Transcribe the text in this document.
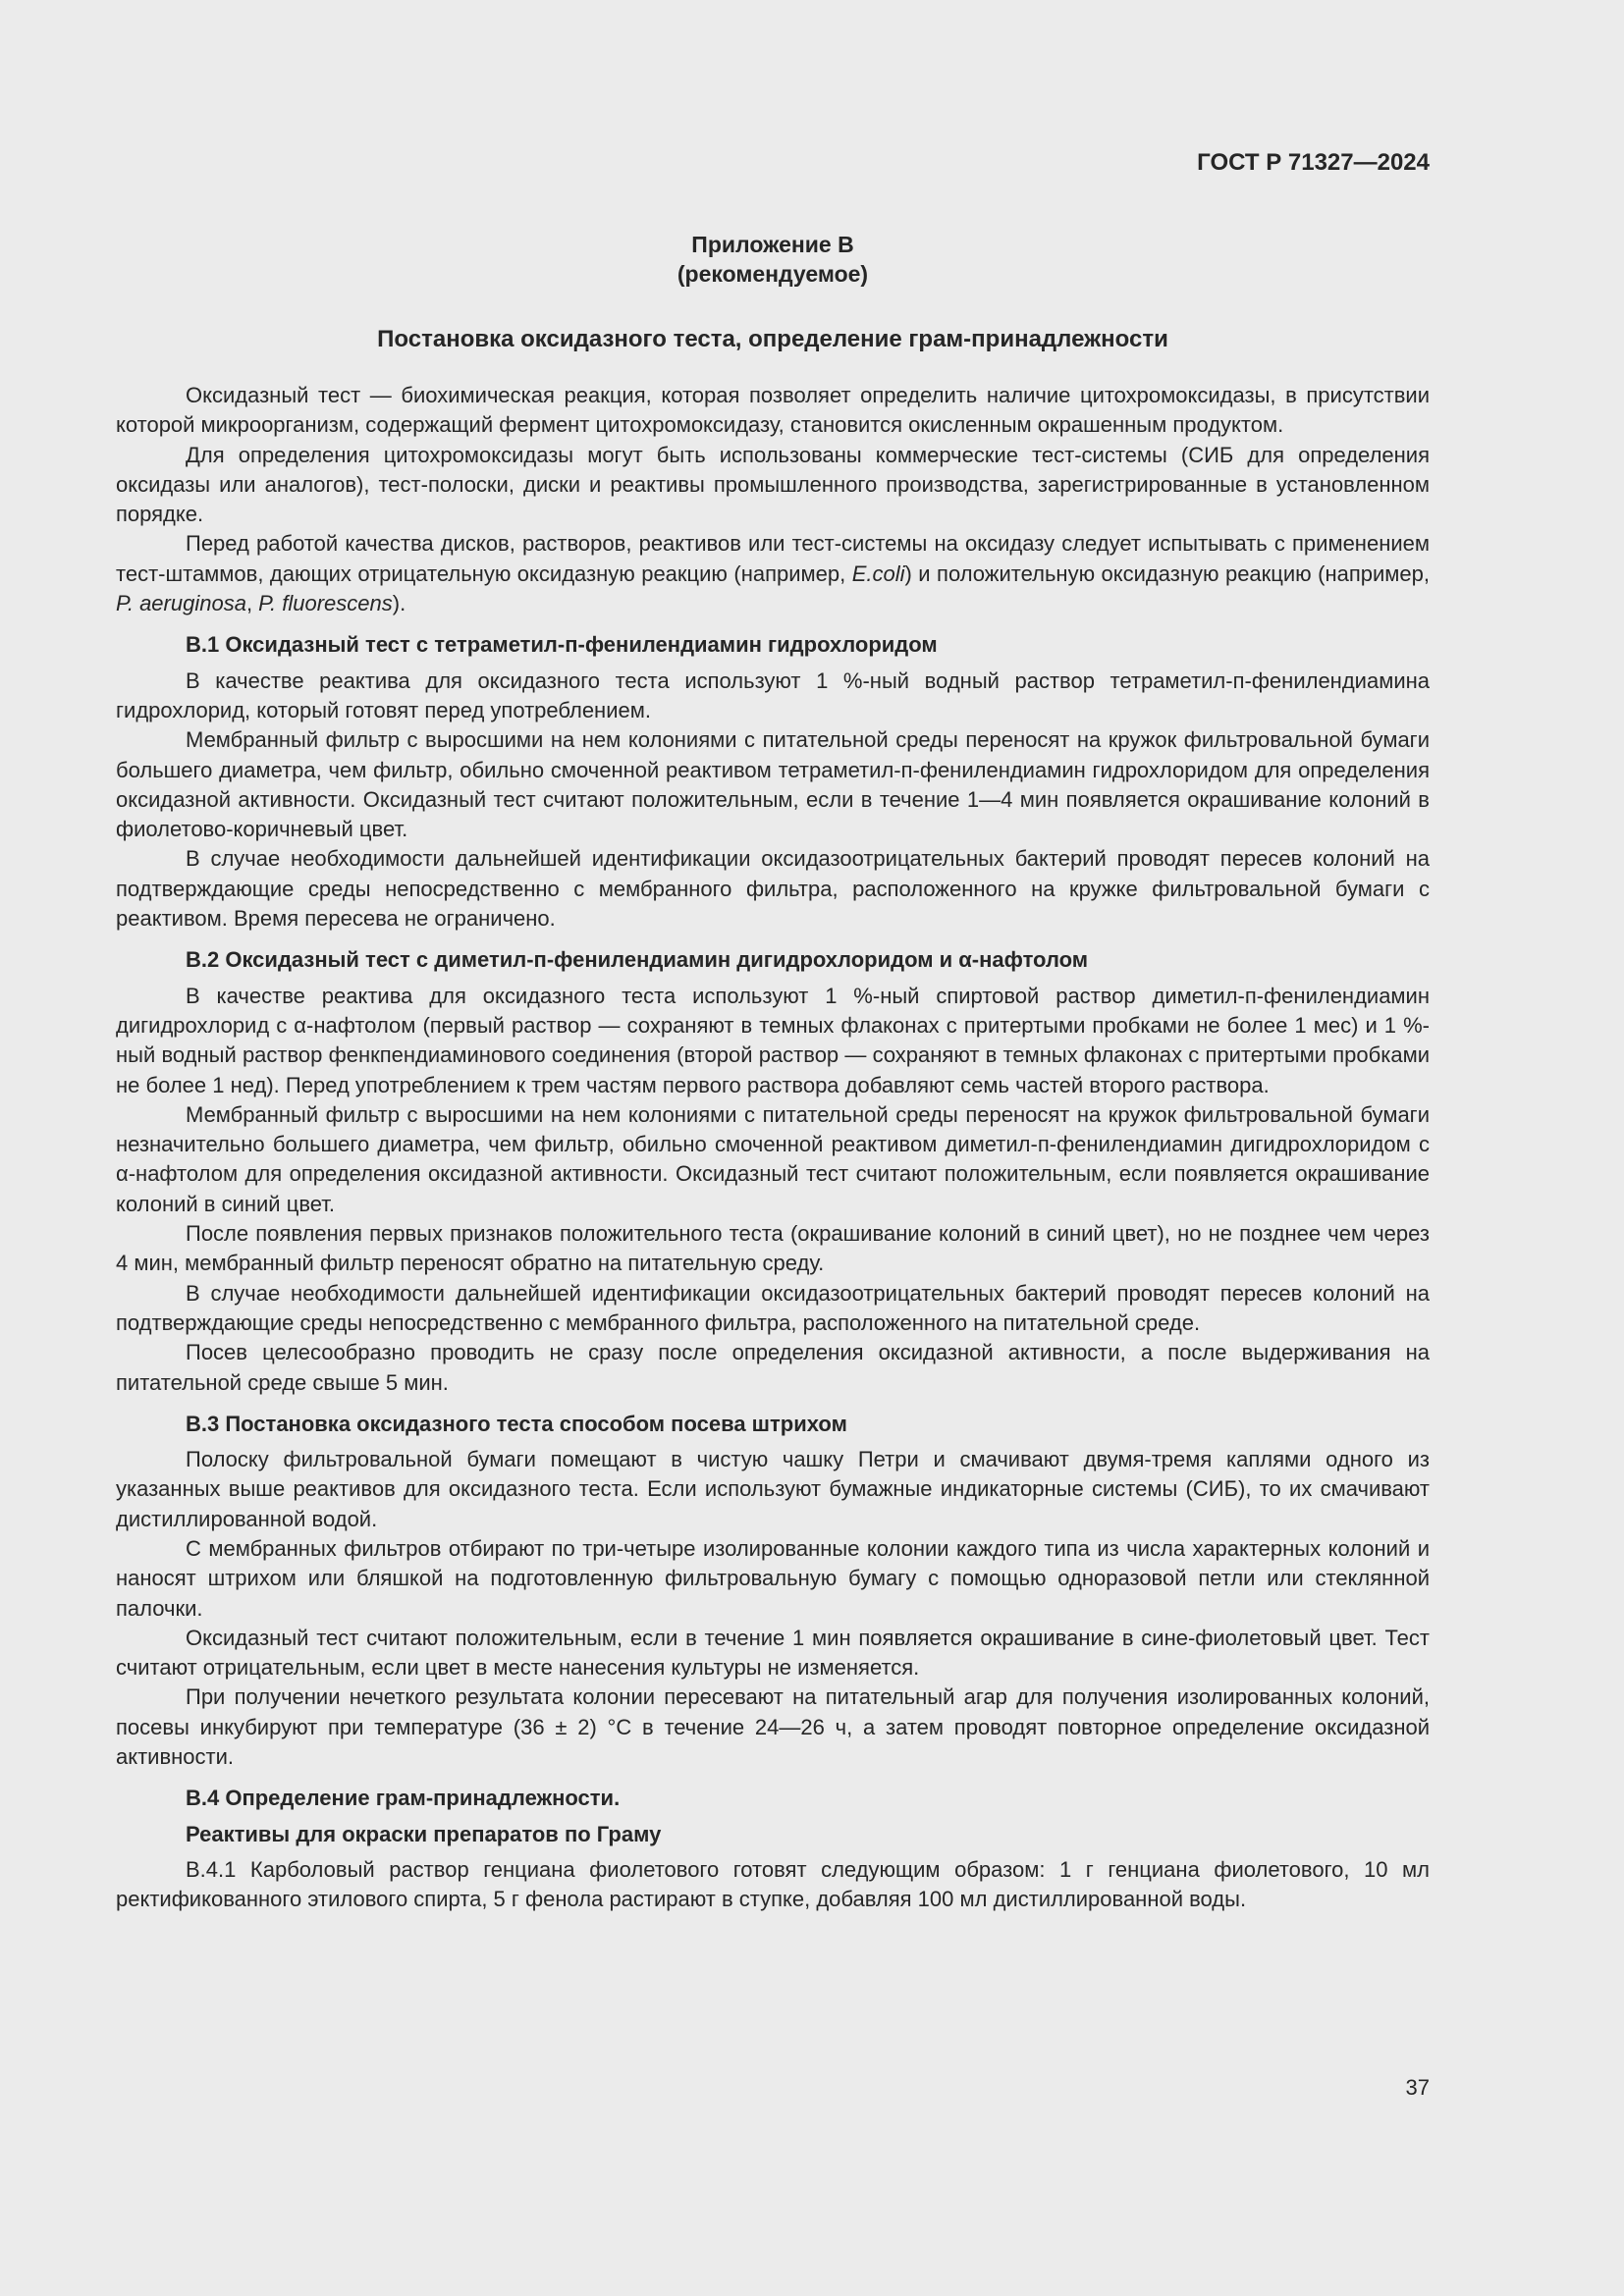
ГОСТ Р 71327—2024
Приложение В
(рекомендуемое)
Постановка оксидазного теста, определение грам-принадлежности

Оксидазный тест — биохимическая реакция, которая позволяет определить наличие цитохромоксидазы, в присутствии которой микроорганизм, содержащий фермент цитохромоксидазу, становится окисленным окрашенным продуктом.

Для определения цитохромоксидазы могут быть использованы коммерческие тест-системы (СИБ для определения оксидазы или аналогов), тест-полоски, диски и реактивы промышленного производства, зарегистрированные в установленном порядке.

Перед работой качества дисков, растворов, реактивов или тест-системы на оксидазу следует испытывать с применением тест-штаммов, дающих отрицательную оксидазную реакцию (например, E.coli) и положительную оксидазную реакцию (например, P. aeruginosa, P. fluorescens).

В.1 Оксидазный тест с тетраметил-п-фенилендиамин гидрохлоридом

В качестве реактива для оксидазного теста используют 1 %-ный водный раствор тетраметил-п-фенилендиамина гидрохлорид, который готовят перед употреблением.

Мембранный фильтр с выросшими на нем колониями с питательной среды переносят на кружок фильтровальной бумаги большего диаметра, чем фильтр, обильно смоченной реактивом тетраметил-п-фенилендиамин гидрохлоридом для определения оксидазной активности. Оксидазный тест считают положительным, если в течение 1—4 мин появляется окрашивание колоний в фиолетово-коричневый цвет.

В случае необходимости дальнейшей идентификации оксидазоотрицательных бактерий проводят пересев колоний на подтверждающие среды непосредственно с мембранного фильтра, расположенного на кружке фильтровальной бумаги с реактивом. Время пересева не ограничено.

В.2 Оксидазный тест с диметил-п-фенилендиамин дигидрохлоридом и α-нафтолом

В качестве реактива для оксидазного теста используют 1 %-ный спиртовой раствор диметил-п-фенилендиамин дигидрохлорид с α-нафтолом (первый раствор — сохраняют в темных флаконах с притертыми пробками не более 1 мес) и 1 %-ный водный раствор фенкпендиаминового соединения (второй раствор — сохраняют в темных флаконах с притертыми пробками не более 1 нед). Перед употреблением к трем частям первого раствора добавляют семь частей второго раствора.

Мембранный фильтр с выросшими на нем колониями с питательной среды переносят на кружок фильтровальной бумаги незначительно большего диаметра, чем фильтр, обильно смоченной реактивом диметил-п-фенилендиамин дигидрохлоридом с α-нафтолом для определения оксидазной активности. Оксидазный тест считают положительным, если появляется окрашивание колоний в синий цвет.

После появления первых признаков положительного теста (окрашивание колоний в синий цвет), но не позднее чем через 4 мин, мембранный фильтр переносят обратно на питательную среду.

В случае необходимости дальнейшей идентификации оксидазоотрицательных бактерий проводят пересев колоний на подтверждающие среды непосредственно с мембранного фильтра, расположенного на питательной среде.

Посев целесообразно проводить не сразу после определения оксидазной активности, а после выдерживания на питательной среде свыше 5 мин.

В.3 Постановка оксидазного теста способом посева штрихом

Полоску фильтровальной бумаги помещают в чистую чашку Петри и смачивают двумя-тремя каплями одного из указанных выше реактивов для оксидазного теста. Если используют бумажные индикаторные системы (СИБ), то их смачивают дистиллированной водой.

С мембранных фильтров отбирают по три-четыре изолированные колонии каждого типа из числа характерных колоний и наносят штрихом или бляшкой на подготовленную фильтровальную бумагу с помощью одноразовой петли или стеклянной палочки.

Оксидазный тест считают положительным, если в течение 1 мин появляется окрашивание в сине-фиолетовый цвет. Тест считают отрицательным, если цвет в месте нанесения культуры не изменяется.

При получении нечеткого результата колонии пересевают на питательный агар для получения изолированных колоний, посевы инкубируют при температуре (36 ± 2) °C в течение 24—26 ч, а затем проводят повторное определение оксидазной активности.

В.4 Определение грам-принадлежности.
Реактивы для окраски препаратов по Граму

В.4.1 Карболовый раствор генциана фиолетового готовят следующим образом: 1 г генциана фиолетового, 10 мл ректификованного этилового спирта, 5 г фенола растирают в ступке, добавляя 100 мл дистиллированной воды.

37
